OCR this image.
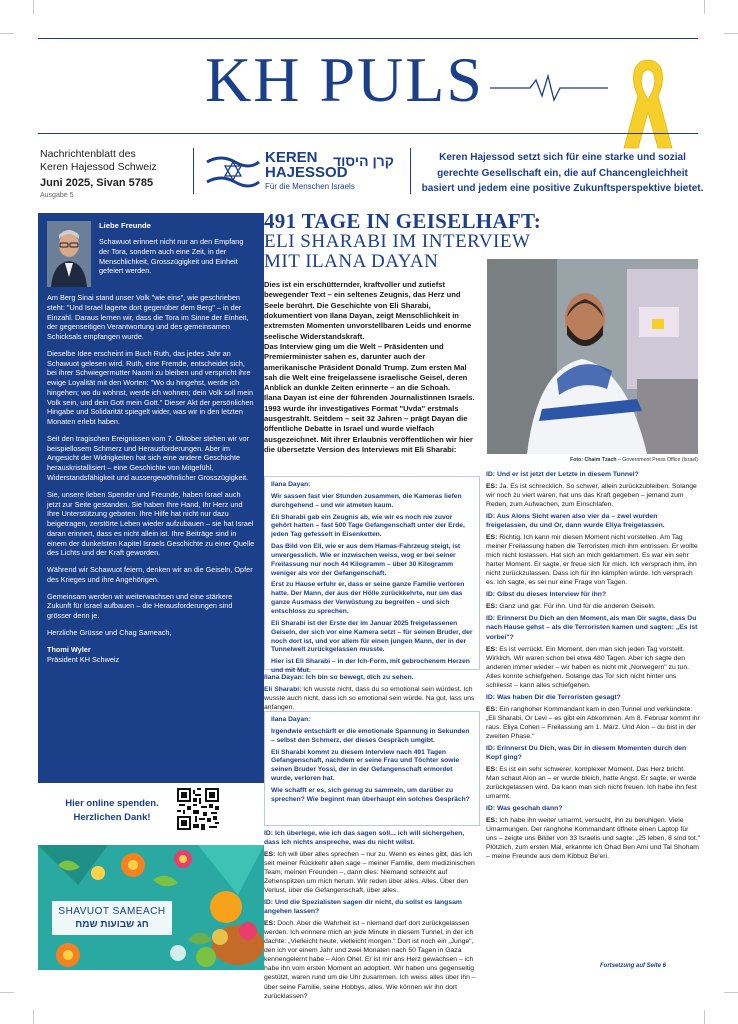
KH PULS
Nachrichtenblatt des
Keren Hajessod Schweiz
Juni 2025, Sivan 5785
Ausgabe 5
KEREN
HAJESSOD
קרן היסוד
Für die Menschen Israels
Keren Hajessod setzt sich für eine starke und sozial gerechte Gesellschaft ein, die auf Chancengleichheit basiert und jedem eine positive Zukunftsperspektive bietet.

Liebe Freunde

Schawuot erinnert nicht nur an den Empfang der Tora, sondern auch eine Zeit, in der Menschlichkeit, Grosszügigkeit und Einheit gefeiert werden.

Am Berg Sinai stand unser Volk "wie eins", wie geschrieben steht: "Und Israel lagerte dort gegenüber dem Berg" – in der Einzahl. Daraus lernen wir, dass die Tora im Sinne der Einheit, der gegenseitigen Verantwortung und des gemeinsamen Schicksals empfangen wurde.

Dieselbe Idee erscheint im Buch Ruth, das jedes Jahr an Schawuot gelesen wird. Ruth, eine Fremde, entscheidet sich, bei ihrer Schwiegermutter Naomi zu bleiben und verspricht ihre ewige Loyalität mit den Worten: "Wo du hingehst, werde ich hingehen; wo du wohnst, werde ich wohnen; dein Volk soll mein Volk sein, und dein Gott mein Gott." Dieser Akt der persönlichen Hingabe und Solidarität spiegelt wider, was wir in den letzten Monaten erlebt haben.

Seit den tragischen Ereignissen vom 7. Oktober stehen wir vor beispiellosem Schmerz und Herausforderungen. Aber im Angesicht der Widrigkeiten hat sich eine andere Geschichte herauskristallisiert – eine Geschichte von Mitgefühl, Widerstandsfähigkeit und aussergewöhnlicher Grosszügigkeit.

Sie, unsere lieben Spender und Freunde, haben Israel auch jetzt zur Seite gestanden. Sie haben Ihre Hand, Ihr Herz und Ihre Unterstützung geboten. Ihre Hilfe hat nicht nur dazu beigetragen, zerstörte Leben wieder aufzubauen – sie hat Israel daran erinnert, dass es nicht allein ist. Ihre Beiträge sind in einem der dunkelsten Kapitel Israels Geschichte zu einer Quelle des Lichts und der Kraft geworden.

Während wir Schawuot feiern, denken wir an die Geiseln, Opfer des Krieges und ihre Angehörigen.

Gemeinsam werden wir weiterwachsen und eine stärkere Zukunft für Israel aufbauen – die Herausforderungen sind grösser denn je.

Herzliche Grüsse und Chag Sameach,

Thomi Wyler
Präsident KH Schweiz
Hier online spenden.
Herzlichen Dank!
SHAVUOT SAMEACH
חג שבועות שמח
491 TAGE IN GEISELHAFT:
ELI SHARABI IM INTERVIEW
MIT ILANA DAYAN

Dies ist ein erschütternder, kraftvoller und zutiefst bewegender Text – ein seltenes Zeugnis, das Herz und Seele berührt. Die Geschichte von Eli Sharabi, dokumentiert von Ilana Dayan, zeigt Menschlichkeit in extremsten Momenten unvorstellbaren Leids und enorme seelische Widerstandskraft.

Das Interview ging um die Welt – Präsidenten und Premierminister sahen es, darunter auch der amerikanische Präsident Donald Trump. Zum ersten Mal sah die Welt eine freigelassene israelische Geisel, deren Anblick an dunkle Zeiten erinnerte – an die Schoah.

Ilana Dayan ist eine der führenden Journalistinnen Israels. 1993 wurde ihr investigatives Format "Uvda" erstmals ausgestrahlt. Seitdem – seit 32 Jahren – prägt Dayan die öffentliche Debatte in Israel und wurde vielfach ausgezeichnet. Mit ihrer Erlaubnis veröffentlichen wir hier die übersetzte Version des Interviews mit Eli Sharabi:

Foto: Chaim Tzach – Government Press Office (Israel)

Ilana Dayan:

Wir sassen fast vier Stunden zusammen, die Kameras liefen durchgehend – und wir atmeten kaum.

Eli Sharabi gab ein Zeugnis ab, wie wir es noch nie zuvor gehört hatten – fast 500 Tage Gefangenschaft unter der Erde, jeden Tag gefesselt in Eisenketten.

Das Bild von Eli, wie er aus dem Hamas-Fahrzeug steigt, ist unvergesslich. Wie er inzwischen weiss, wog er bei seiner Freilassung nur noch 44 Kilogramm – über 30 Kilogramm weniger als vor der Gefangenschaft.

Erst zu Hause erfuhr er, dass er seine ganze Familie verloren hatte. Der Mann, der aus der Hölle zurückkehrte, nur um das ganze Ausmass der Verwüstung zu begreifen – und sich entschloss zu sprechen.

Eli Sharabi ist der Erste der im Januar 2025 freigelassenen Geiseln, der sich vor eine Kamera setzt – für seinen Bruder, der noch dort ist, und vor allem für einen jungen Mann, der in der Tunnelwelt zurückgelassen musste.

Hier ist Eli Sharabi – in der Ich-Form, mit gebrochenem Herzen und mit Mut.

Ilana Dayan: Ich bin so bewegt, dich zu sehen.

Eli Sharabi: Ich wusste nicht, dass du so emotional sein würdest. Ich wusste auch nicht, dass ich so emotional sein würde. Na gut, lass uns anfangen.

Ilana Dayan:

Irgendwie entschärft er die emotionale Spannung in Sekunden – selbst den Schmerz, der dieses Gespräch umgibt.

Eli Sharabi kommt zu diesem Interview nach 491 Tagen Gefangenschaft, nachdem er seine Frau und Töchter sowie seinen Bruder Yossi, der in der Gefangenschaft ermordet wurde, verloren hat.

Wie schafft er es, sich genug zu sammeln, um darüber zu sprechen? Wie beginnt man überhaupt ein solches Gespräch?

ID: Ich überlege, wie ich das sagen soll... ich will sichergehen, dass ich nichts anspreche, was du nicht willst.

ES: Ich will über alles sprechen – nur zu. Wenn es eines gibt, das ich seit meiner Rückkehr allen sage – meiner Familie, dem medizinischen Team, meinen Freunden –, dann dies: Niemand schleicht auf Zehenspitzen um mich herum. Wir reden über alles. Alles. Über den Verlust, über die Gefangenschaft, über alles.

ID: Und die Spezialisten sagen dir nicht, du sollst es langsam angehen lassen?

ES: Doch. Aber die Wahrheit ist – niemand darf dort zurückgelassen werden. Ich erinnere mich an jede Minute in diesem Tunnel, in der ich dachte: „Vielleicht heute, vielleicht morgen." Dort ist noch ein „Junge", den ich vor einem Jahr und zwei Monaten nach 50 Tagen in Gaza kennengelernt habe – Alon Ohel. Er ist mir ans Herz gewachsen – ich habe ihn vom ersten Moment an adoptiert. Wir haben uns gegenseitig gestützt, waren rund um die Uhr zusammen. Ich weiss alles über ihn – über seine Familie, seine Hobbys, alles. Wie können wir ihn dort zurücklassen?

ID: Und er ist jetzt der Letzte in diesem Tunnel?

ES: Ja. Es ist schrecklich. So schwer, allein zurückzubleiben. Solange wir noch zu viert waren, hat uns das Kraft gegeben – jemand zum Reden, zum Aufwachen, zum Einschlafen.

ID: Aus Alons Sicht waren also vier da – zwei wurden freigelassen, du und Or, dann wurde Eliya freigelassen.

ES: Richtig. Ich kann mir diesen Moment nicht vorstellen. Am Tag meiner Freilassung haben die Terroristen mich ihm entrissen. Er wollte mich nicht loslassen. Hat sich an mich geklammert. Es war ein sehr harter Moment. Er sagte, er freue sich für mich. Ich versprach ihm, ihn nicht zurückzulassen. Dass ich für ihn kämpfen würde. Ich versprach es. Ich sagte, es sei nur eine Frage von Tagen.

ID: Gibst du dieses Interview für ihn?

ES: Ganz und gar. Für ihn. Und für die anderen Geiseln.

ID: Erinnerst Du Dich an den Moment, als man Dir sagte, dass Du nach Hause gehst – als die Terroristen kamen und sagten: „Es ist vorbei"?

ES: Es ist verrückt. Ein Moment, den man sich jeden Tag vorstellt. Wirklich. Wir waren schon bei etwa 480 Tagen. Aber ich sagte den anderen immer wieder – wir haben es nicht mit „Norwegern" zu tun. Alles konnte schiefgehen. Solange das Tor sich nicht hinter uns schliesst – kann alles schiefgehen.

ID: Was haben Dir die Terroristen gesagt?

ES: Ein ranghoher Kommandant kam in den Tunnel und verkündete: „Eli Sharabi, Or Levi – es gibt ein Abkommen. Am 8. Februar kommt ihr raus. Eliya Cohen – Freilassung am 1. März. Und Alon – du bist in der zweiten Phase."

ID: Erinnerst Du Dich, was Dir in diesem Momenten durch den Kopf ging?

ES: Es ist ein sehr schwerer, komplexer Moment. Das Herz bricht. Man schaut Alon an – er wurde bleich, hatte Angst. Er sagte, er werde zurückgelassen wird. Da kann man sich nicht freuen. Ich habe ihn fest umarmt.

ID: Was geschah dann?

ES: Ich habe ihn weiter umarmt, versucht, ihn zu beruhigen. Viele Umarmungen. Der ranghohe Kommandant öffnete einen Laptop für uns – zeigte uns Bilder von 33 Israelis und sagte: „25 leben, 8 sind tot." Plötzlich, zum ersten Mal, erkannte ich Ohad Ben Ami und Tal Shoham – meine Freunde aus dem Kibbuz Be'eri.

Fortsetzung auf Seite 6
